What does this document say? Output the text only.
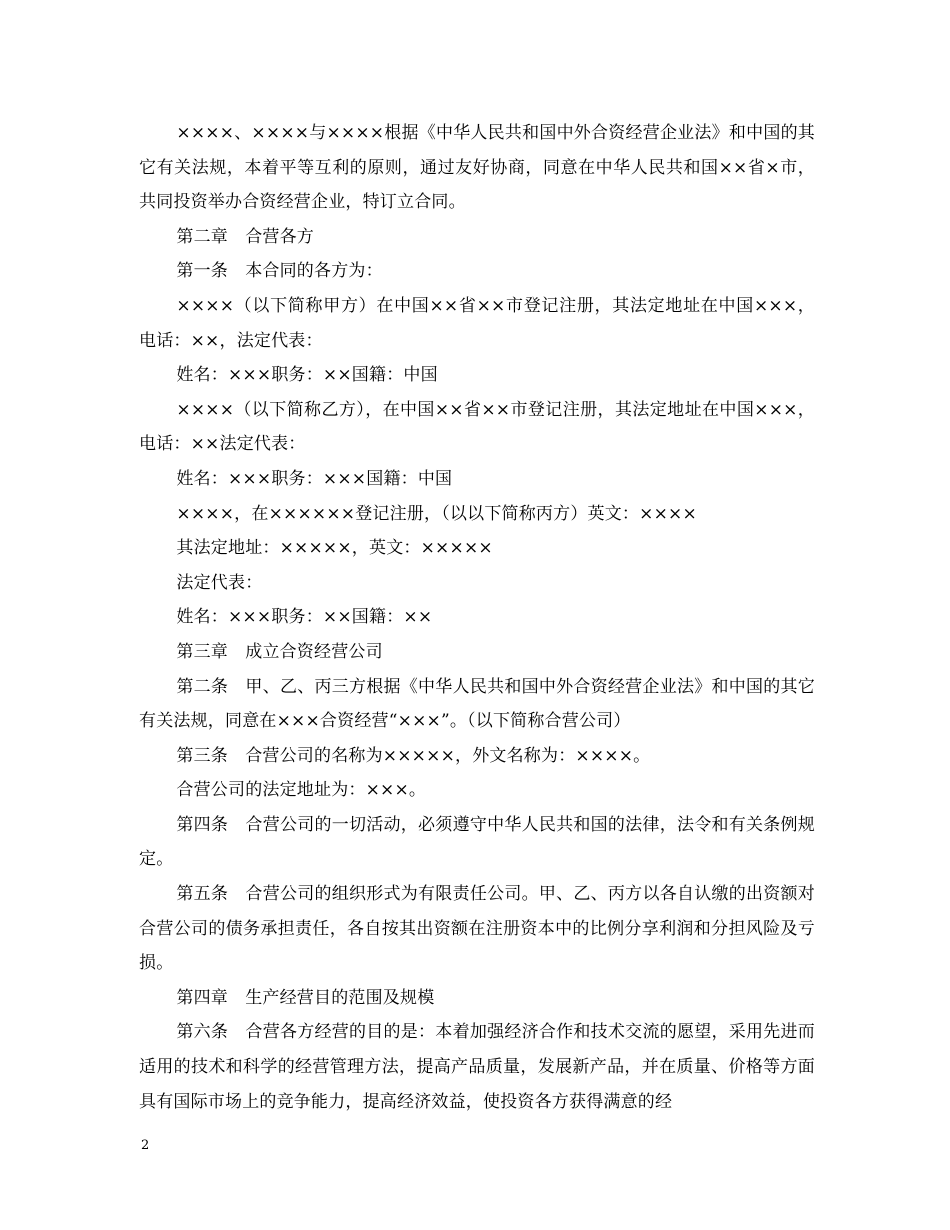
××××、××××与××××根据《中华人民共和国中外合资经营企业法》和中国的其它有关法规，本着平等互利的原则，通过友好协商，同意在中华人民共和国××省×市，共同投资举办合资经营企业，特订立合同。

第二章　合营各方

第一条　本合同的各方为：

××××（以下简称甲方）在中国××省××市登记注册，其法定地址在中国×××，电话：××，法定代表：

姓名：×××职务：××国籍：中国

××××（以下简称乙方），在中国××省××市登记注册，其法定地址在中国×××，电话：××法定代表：

姓名：×××职务：×××国籍：中国

××××，在××××××登记注册，（以以下简称丙方）英文：××××

其法定地址：×××××，英文：×××××

法定代表：

姓名：×××职务：××国籍：××

第三章　成立合资经营公司

第二条　甲、乙、丙三方根据《中华人民共和国中外合资经营企业法》和中国的其它有关法规，同意在×××合资经营“×××”。（以下简称合营公司）

第三条　合营公司的名称为×××××，外文名称为：××××。

合营公司的法定地址为：×××。

第四条　合营公司的一切活动，必须遵守中华人民共和国的法律，法令和有关条例规定。

第五条　合营公司的组织形式为有限责任公司。甲、乙、丙方以各自认缴的出资额对合营公司的债务承担责任，各自按其出资额在注册资本中的比例分享利润和分担风险及亏损。

第四章　生产经营目的范围及规模

第六条　合营各方经营的目的是：本着加强经济合作和技术交流的愿望，采用先进而适用的技术和科学的经营管理方法，提高产品质量，发展新产品，并在质量、价格等方面具有国际市场上的竞争能力，提高经济效益，使投资各方获得满意的经

2
